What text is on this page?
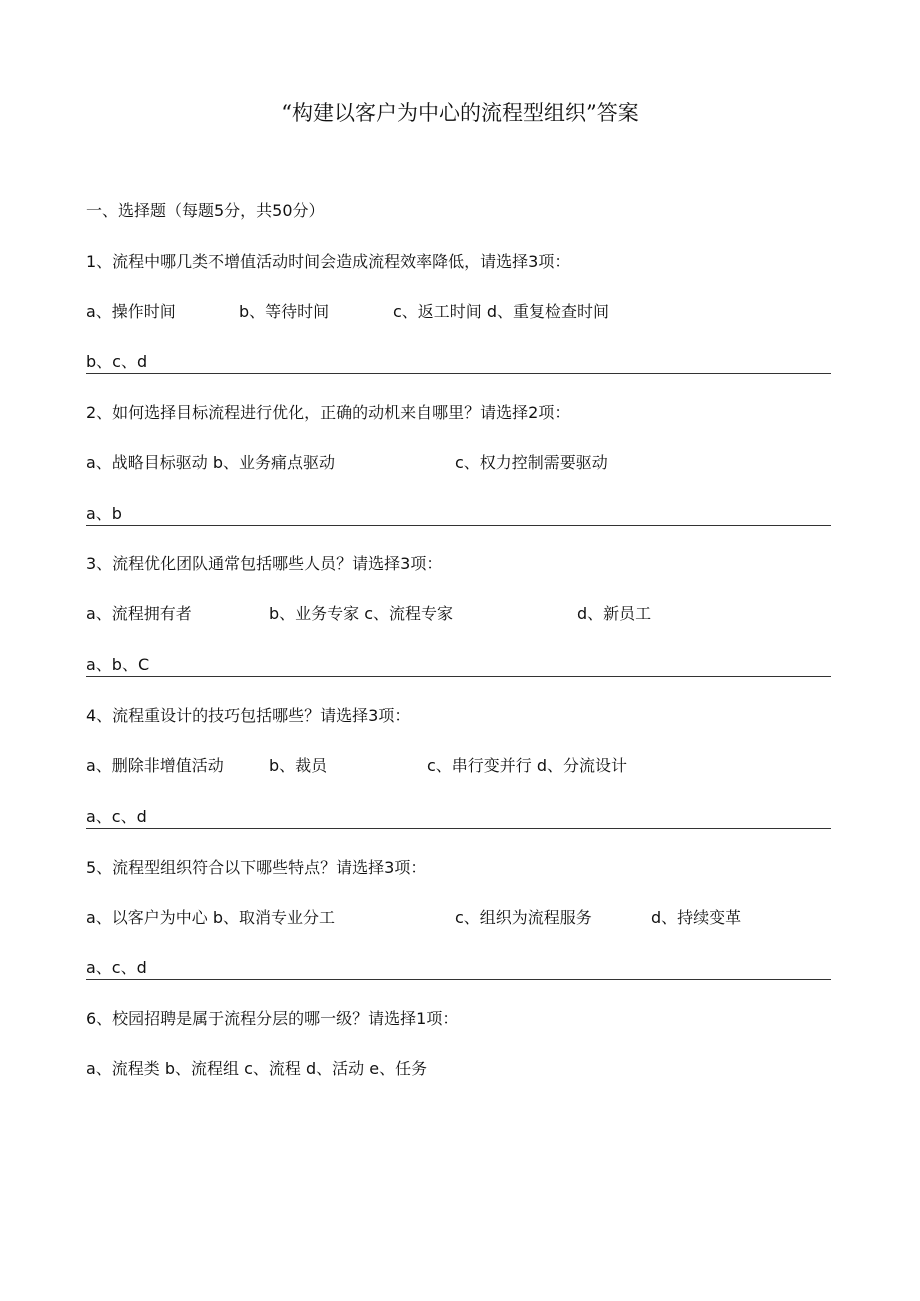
“构建以客户为中心的流程型组织”答案
一、选择题（每题5分，共50分）
1、流程中哪几类不增值活动时间会造成流程效率降低，请选择3项：
a、操作时间	b、等待时间	c、返工时间 d、重复检查时间
b、c、d
2、如何选择目标流程进行优化，正确的动机来自哪里？请选择2项：
a、战略目标驱动 b、业务痛点驱动	c、权力控制需要驱动
a、b
3、流程优化团队通常包括哪些人员？请选择3项：
a、流程拥有者	b、业务专家 c、流程专家	d、新员工
a、b、C
4、流程重设计的技巧包括哪些？请选择3项：
a、删除非增值活动	b、裁员	c、串行变并行 d、分流设计
a、c、d
5、流程型组织符合以下哪些特点？请选择3项：
a、以客户为中心 b、取消专业分工	c、组织为流程服务	d、持续变革
a、c、d
6、校园招聘是属于流程分层的哪一级？请选择1项：
a、流程类 b、流程组 c、流程 d、活动 e、任务
